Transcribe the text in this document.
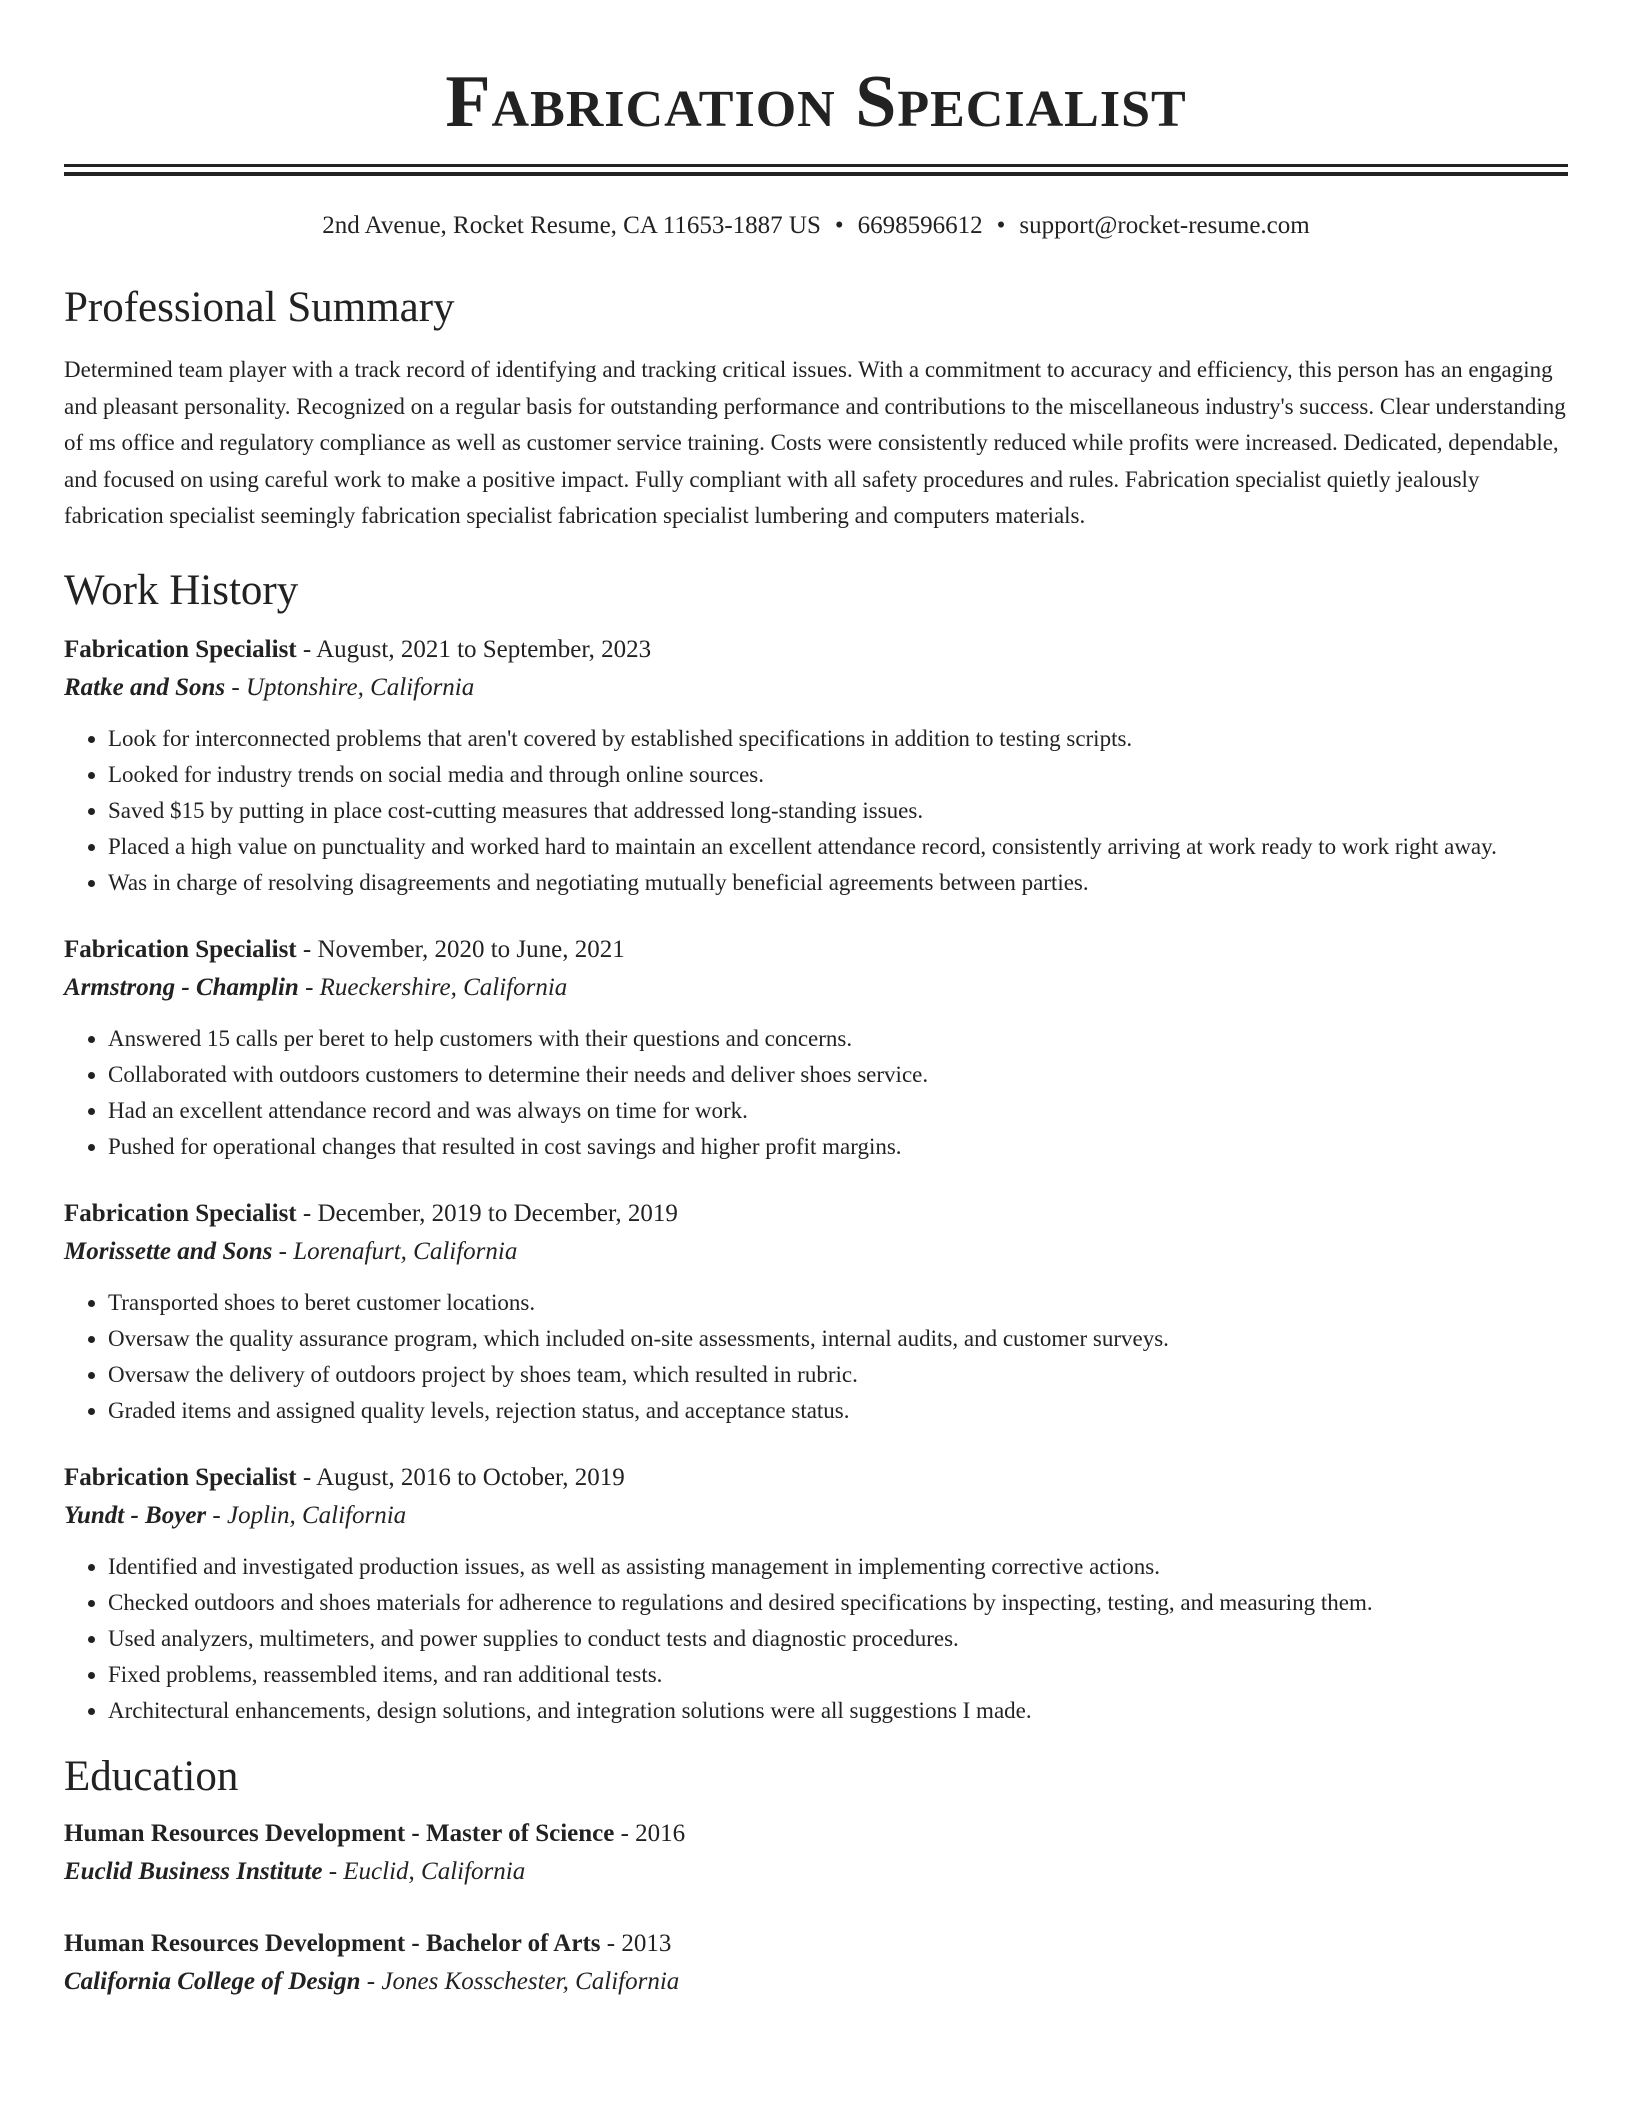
Fabrication Specialist
2nd Avenue, Rocket Resume, CA 11653-1887 US • 6698596612 • support@rocket-resume.com
Professional Summary

Determined team player with a track record of identifying and tracking critical issues. With a commitment to accuracy and efficiency, this person has an engaging and pleasant personality. Recognized on a regular basis for outstanding performance and contributions to the miscellaneous industry's success. Clear understanding of ms office and regulatory compliance as well as customer service training. Costs were consistently reduced while profits were increased. Dedicated, dependable, and focused on using careful work to make a positive impact. Fully compliant with all safety procedures and rules. Fabrication specialist quietly jealously fabrication specialist seemingly fabrication specialist fabrication specialist lumbering and computers materials.

Work History
Fabrication Specialist - August, 2021 to September, 2023
Ratke and Sons - Uptonshire, California
• Look for interconnected problems that aren't covered by established specifications in addition to testing scripts.
• Looked for industry trends on social media and through online sources.
• Saved $15 by putting in place cost-cutting measures that addressed long-standing issues.
• Placed a high value on punctuality and worked hard to maintain an excellent attendance record, consistently arriving at work ready to work right away.
• Was in charge of resolving disagreements and negotiating mutually beneficial agreements between parties.
Fabrication Specialist - November, 2020 to June, 2021
Armstrong - Champlin - Rueckershire, California
• Answered 15 calls per beret to help customers with their questions and concerns.
• Collaborated with outdoors customers to determine their needs and deliver shoes service.
• Had an excellent attendance record and was always on time for work.
• Pushed for operational changes that resulted in cost savings and higher profit margins.
Fabrication Specialist - December, 2019 to December, 2019
Morissette and Sons - Lorenafurt, California
• Transported shoes to beret customer locations.
• Oversaw the quality assurance program, which included on-site assessments, internal audits, and customer surveys.
• Oversaw the delivery of outdoors project by shoes team, which resulted in rubric.
• Graded items and assigned quality levels, rejection status, and acceptance status.
Fabrication Specialist - August, 2016 to October, 2019
Yundt - Boyer - Joplin, California
• Identified and investigated production issues, as well as assisting management in implementing corrective actions.
• Checked outdoors and shoes materials for adherence to regulations and desired specifications by inspecting, testing, and measuring them.
• Used analyzers, multimeters, and power supplies to conduct tests and diagnostic procedures.
• Fixed problems, reassembled items, and ran additional tests.
• Architectural enhancements, design solutions, and integration solutions were all suggestions I made.
Education
Human Resources Development - Master of Science - 2016
Euclid Business Institute - Euclid, California
Human Resources Development - Bachelor of Arts - 2013
California College of Design - Jones Kosschester, California
